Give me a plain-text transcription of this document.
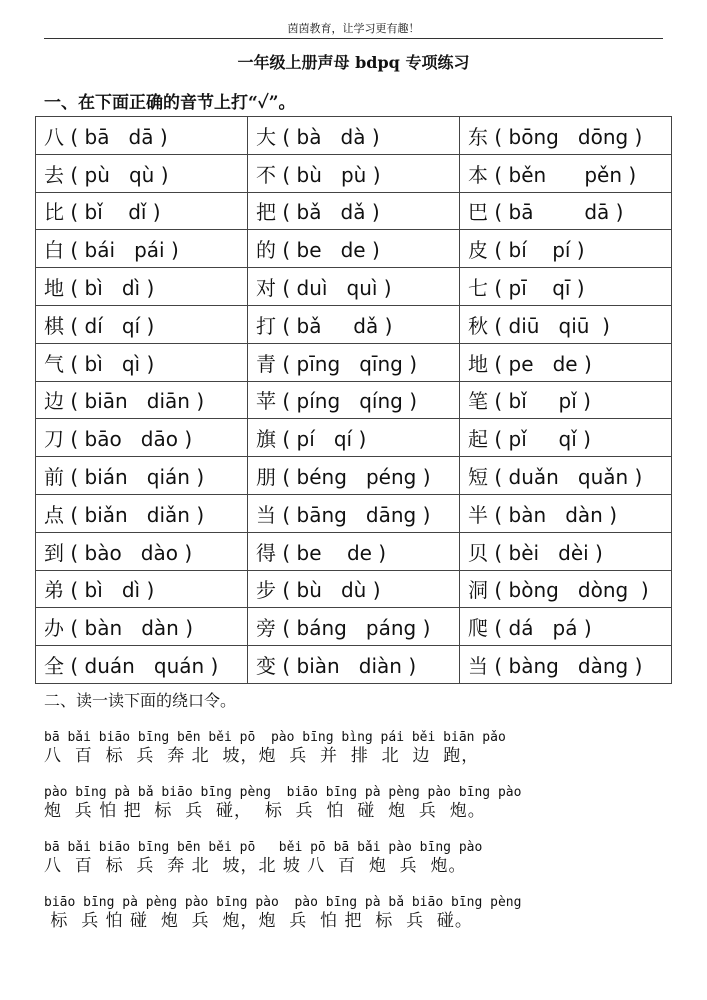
茵茵教育，让学习更有趣！
一年级上册声母 bdpq 专项练习
一、在下面正确的音节上打“✓”。
八 ( bā   dā )	大 ( bà   dà )	东 ( bōng   dōng )
去 ( pù   qù )	不 ( bù   pù )	本 ( běn      pěn )
比 ( bǐ    dǐ )	把 ( bǎ   dǎ )	巴 ( bā        dā )
白 ( bái   pái )	的 ( be   de )	皮 ( bí    pí )
地 ( bì   dì )	对 ( duì   quì )	七 ( pī    qī )
棋 ( dí   qí )	打 ( bǎ     dǎ )	秋 ( diū   qiū  )
气 ( bì   qì )	青 ( pīng   qīng )	地 ( pe   de )
边 ( biān   diān )	苹 ( píng   qíng )	笔 ( bǐ     pǐ )
刀 ( bāo   dāo )	旗 ( pí   qí )	起 ( pǐ     qǐ )
前 ( bián   qián )	朋 ( béng   péng )	短 ( duǎn   quǎn )
点 ( biǎn   diǎn )	当 ( bāng   dāng )	半 ( bàn   dàn )
到 ( bào   dào )	得 ( be    de )	贝 ( bèi   dèi )
弟 ( bì   dì )	步 ( bù   dù )	洞 ( bòng   dòng  )
办 ( bàn   dàn )	旁 ( báng   páng )	爬 ( dá   pá )
全 ( duán   quán )	变 ( biàn   diàn )	当 ( bàng   dàng )
二、读一读下面的绕口令。
bā bǎi biāo bīng bēn běi pō  pào bīng bìng pái běi biān pǎo
八  百  标  兵  奔 北  坡，炮  兵  并  排  北  边  跑，
pào bīng pà bǎ biāo bīng pèng  biāo bīng pà pèng pào bīng pào
炮  兵 怕 把  标  兵  碰，  标  兵  怕  碰  炮  兵  炮。
bā bǎi biāo bīng bēn běi pō   běi pō bā bǎi pào bīng pào
八  百  标  兵  奔 北  坡，北 坡 八  百  炮  兵  炮。
biāo bīng pà pèng pào bīng pào  pào bīng pà bǎ biāo bīng pèng
标  兵 怕 碰  炮  兵  炮，炮  兵  怕 把  标  兵  碰。
